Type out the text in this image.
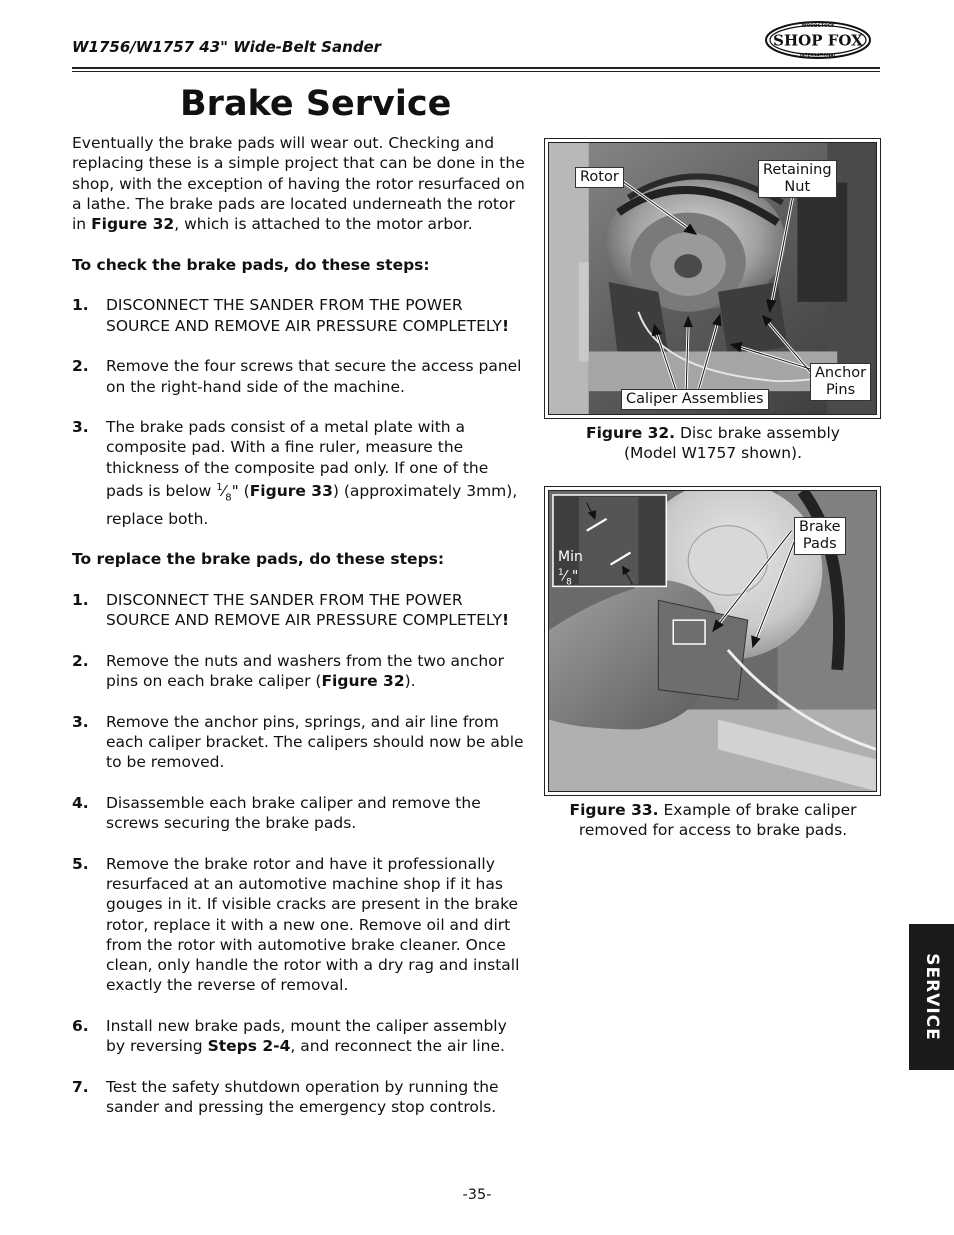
W1756/W1757 43" Wide-Belt Sander	SHOP FOX
WOODSTOCK
INTERNATIONAL
Brake Service

Eventually the brake pads will wear out. Checking and replacing these is a simple project that can be done in the shop, with the exception of having the rotor resurfaced on a lathe. The brake pads are located underneath the rotor in Figure 32, which is attached to the motor arbor.

To check the brake pads, do these steps:

1. DISCONNECT THE SANDER FROM THE POWER SOURCE AND REMOVE AIR PRESSURE COMPLETELY!
2. Remove the four screws that secure the access panel on the right-hand side of the machine.
3. The brake pads consist of a metal plate with a composite pad. With a fine ruler, measure the thickness of the composite pad only. If one of the pads is below $^1⁄_8$" (Figure 33) (approximately 3mm), replace both.

To replace the brake pads, do these steps:

1. DISCONNECT THE SANDER FROM THE POWER SOURCE AND REMOVE AIR PRESSURE COMPLETELY!
2. Remove the nuts and washers from the two anchor pins on each brake caliper (Figure 32).
3. Remove the anchor pins, springs, and air line from each caliper bracket. The calipers should now be able to be removed.
4. Disassemble each brake caliper and remove the screws securing the brake pads.
5. Remove the brake rotor and have it professionally resurfaced at an automotive machine shop if it has gouges in it. If visible cracks are present in the brake rotor, replace it with a new one. Remove oil and dirt from the rotor with automotive brake cleaner. Once clean, only handle the rotor with a dry rag and install exactly the reverse of removal.
6. Install new brake pads, mount the caliper assembly by reversing Steps 2-4, and reconnect the air line.
7. Test the safety shutdown operation by running the sander and pressing the emergency stop controls.
Rotor	Retaining
Nut
Caliper Assemblies
Anchor
Pins
Figure 32. Disc brake assembly (Model W1757 shown).
Brake
Pads
Min
$^1⁄_8$"
Figure 33. Example of brake caliper removed for access to brake pads.
SERVICE
-35-
